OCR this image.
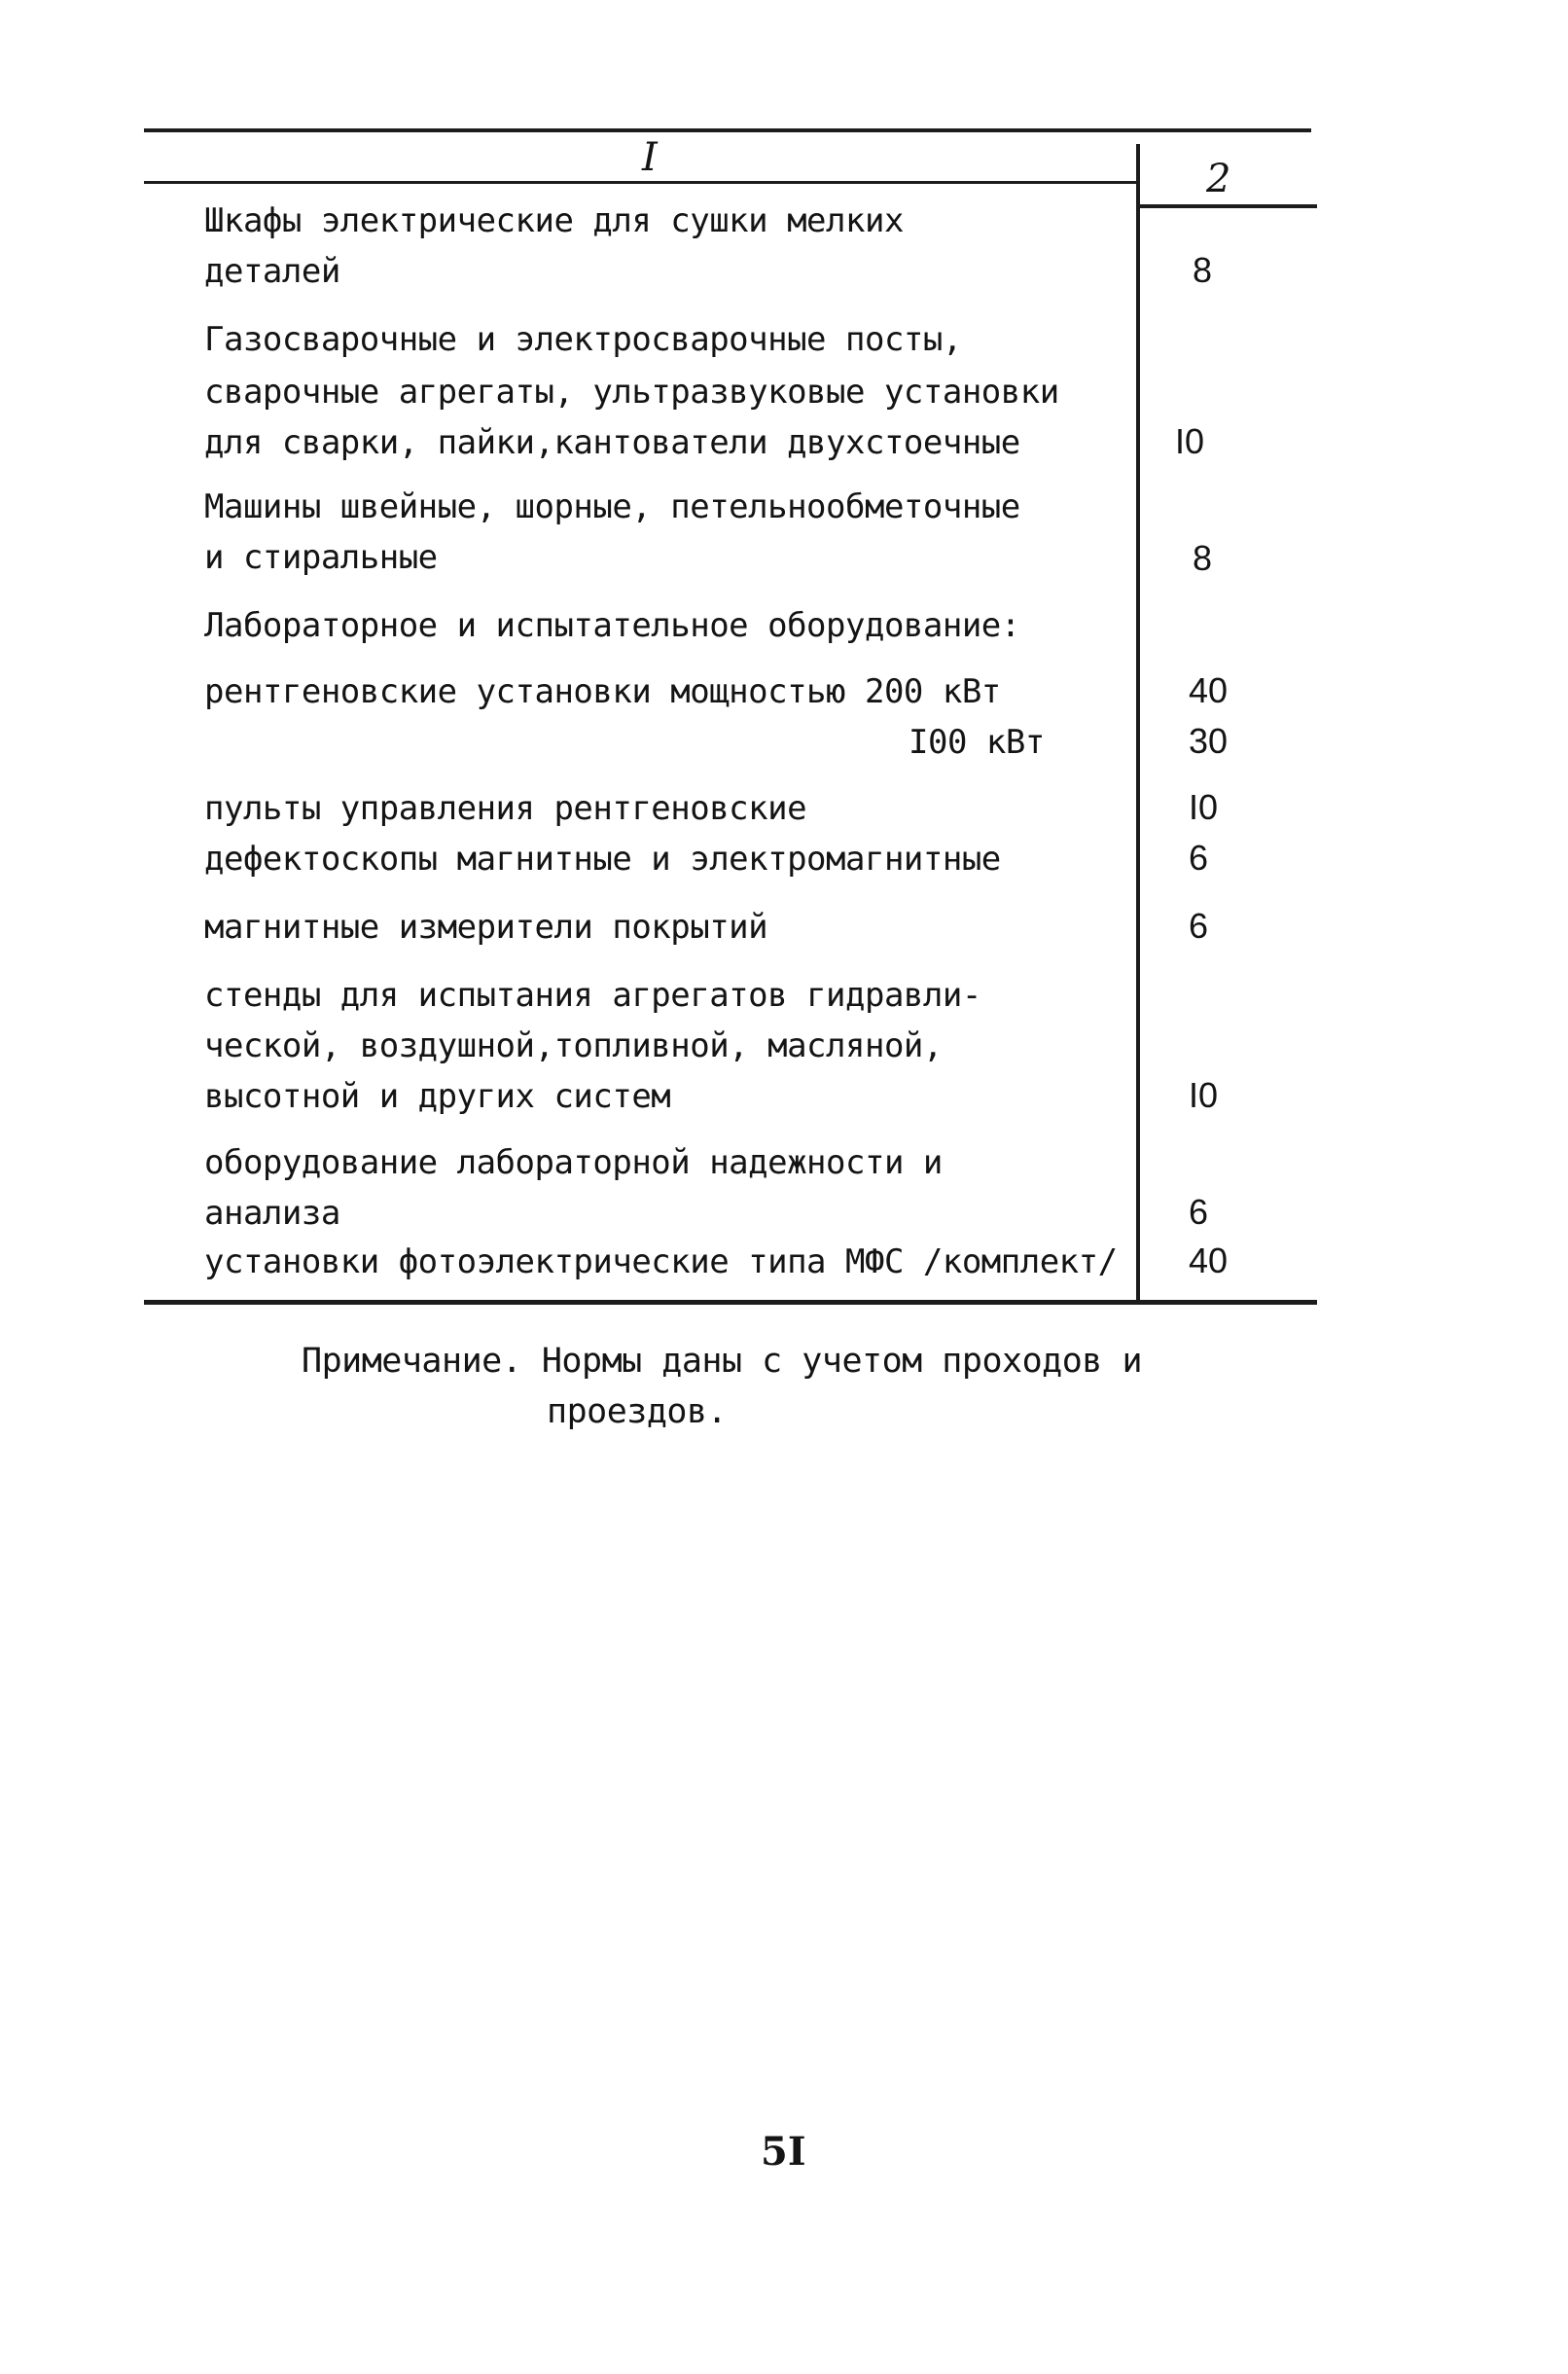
I	2
Шкафы электрические для сушки мелких
деталей	8
Газосварочные и электросварочные посты,
сварочные агрегаты, ультразвуковые установки
для сварки, пайки,кантователи двухстоечные	I0
Машины швейные, шорные, петельнообметочные
и стиральные	8
Лабораторное и испытательное оборудование:
рентгеновские установки мощностью 200 кВт	40
I00 кВт	30
пульты управления рентгеновские	I0
дефектоскопы магнитные и электромагнитные	6
магнитные измерители покрытий	6
стенды для испытания агрегатов гидравли-
ческой, воздушной,топливной, масляной,
высотной и других систем	I0
оборудование лабораторной надежности и
анализа	6
установки фотоэлектрические типа МФС /комплект/ 40
Примечание. Нормы даны с учетом проходов и
проездов.
5I
